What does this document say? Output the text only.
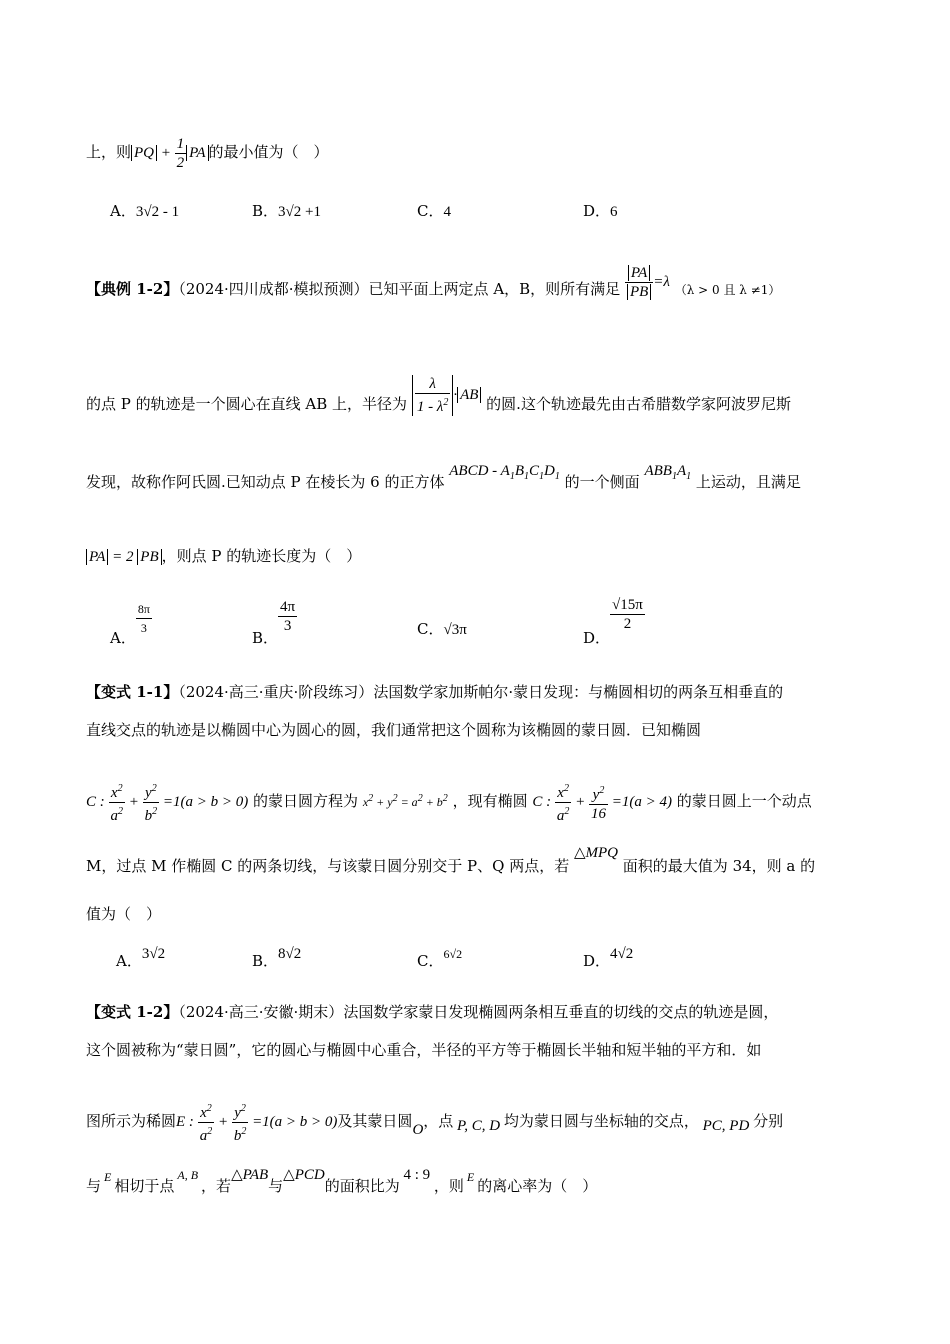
上，则 PQ + $\frac{1}{2}$ PA 的最小值为（　）
A．3√2 - 1	B．3√2 +1	C．4	D．6
【典例 1-2】（2024·四川成都·模拟预测）已知平面上两定点 A，B，则所有满足 $\frac{PA}{PB} =\lambda$ （λ > 0 且 λ ≠1）
的点 P 的轨迹是一个圆心在直线 AB 上，半径为 $\frac{\lambda}{1 - \lambda^2}$ · AB 的圆.这个轨迹最先由古希腊数学家阿波罗尼斯
发现，故称作阿氏圆.已知动点 P 在棱长为 6 的正方体 ABCD - $A_1B_1C_1D_1$ 的一个侧面 $ABB_1A_1$ 上运动，且满足
PA = 2 PB ，则点 P 的轨迹长度为（　）
A．
$\frac{8\pi}{3}$
B．
$\frac{4\pi}{3}$	C．√3π	D．
$\frac{√15\pi}{2}$
【变式 1-1】（2024·高三·重庆·阶段练习）法国数学家加斯帕尔·蒙日发现：与椭圆相切的两条互相垂直的
直线交点的轨迹是以椭圆中心为圆心的圆，我们通常把这个圆称为该椭圆的蒙日圆．已知椭圆
C : $\frac{x^2}{a^2} + \frac{y^2}{b^2} =1(a > b > 0)$ 的蒙日圆方程为 $x^2 + y^2 = a^2 + b^2$ ，现有椭圆 C : $\frac{x^2}{a^2} + \frac{y^2}{16} =1(a > 4)$ 的蒙日圆上一个动点
M，过点 M 作椭圆 C 的两条切线，与该蒙日圆分别交于 P、Q 两点，若 △MPQ 面积的最大值为 34，则 a 的
值为（　）
A．3√2	B．8√2	C．$^{6√2}$	D．4√2
【变式 1-2】（2024·高三·安徽·期末）法国数学家蒙日发现椭圆两条相互垂直的切线的交点的轨迹是圆，
这个圆被称为“蒙日圆”，它的圆心与椭圆中心重合，半径的平方等于椭圆长半轴和短半轴的平方和．如
图所示为稀圆E : $\frac{x^2}{a^2} + \frac{y^2}{b^2} =1(a > b > 0)$及其蒙日圆O，点 P, C, D 均为蒙日圆与坐标轴的交点， PC, PD 分别
与 $^E$ 相切于点 $^{A, B}$ ，若△PAB与△PCD的面积比为 4 : 9 ，则 $^E$ 的离心率为（　）
